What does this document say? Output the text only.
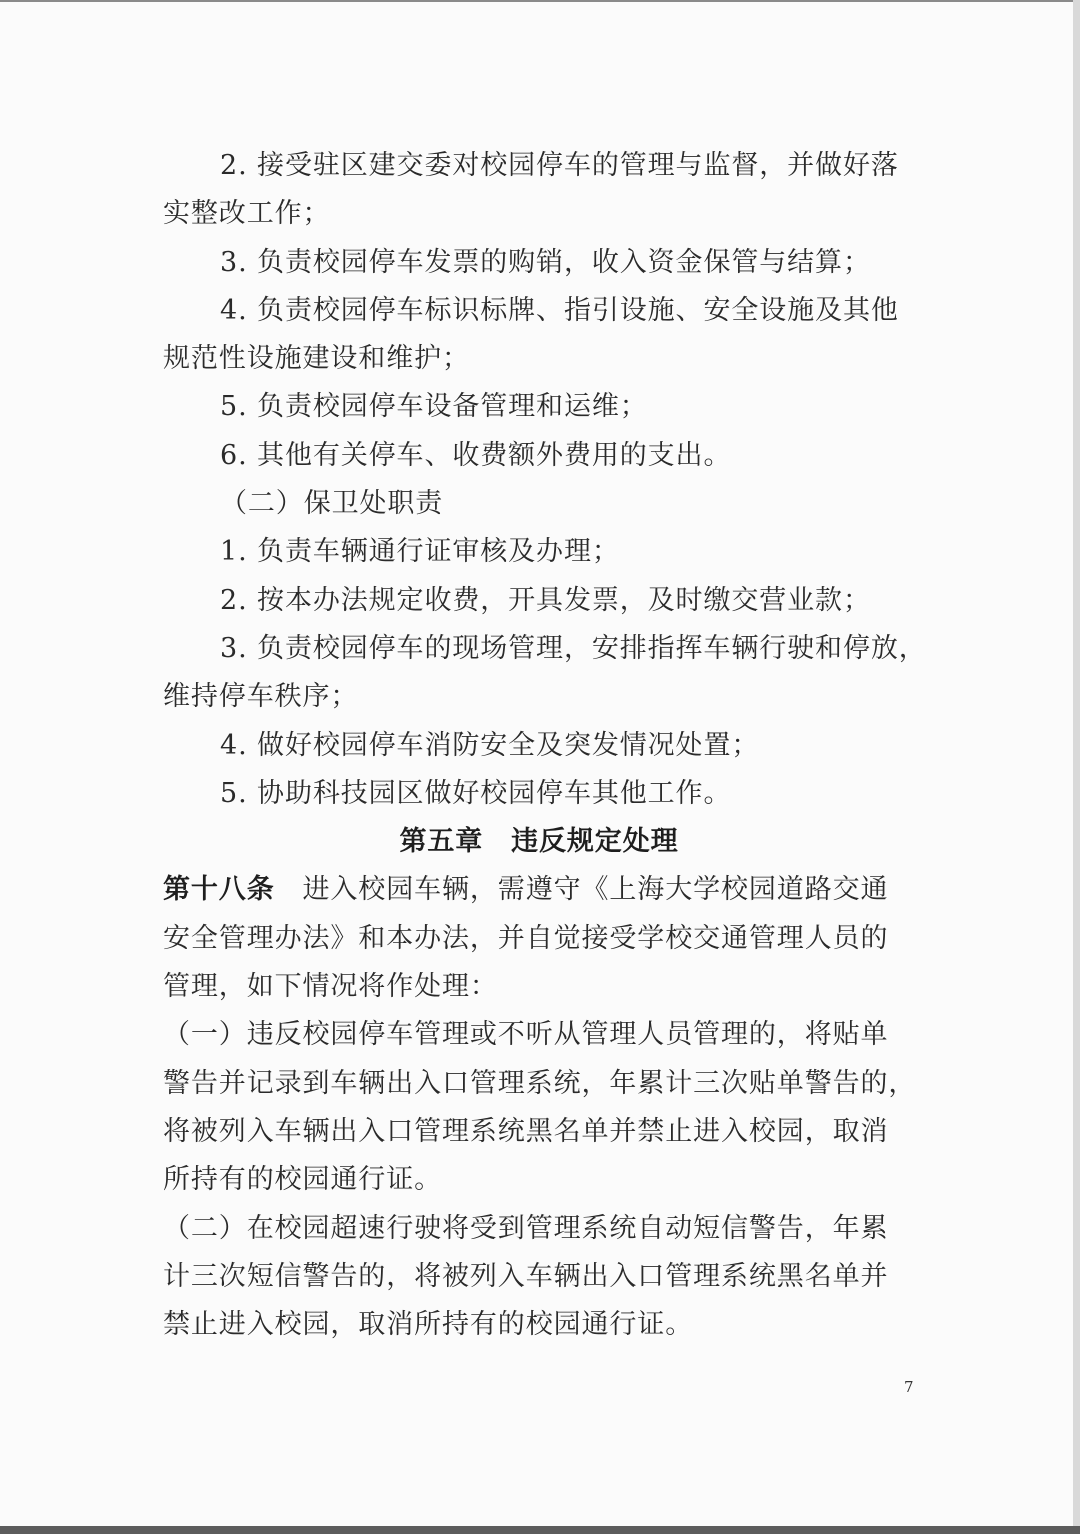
2. 接受驻区建交委对校园停车的管理与监督，并做好落
实整改工作；
3. 负责校园停车发票的购销，收入资金保管与结算；
4. 负责校园停车标识标牌、指引设施、安全设施及其他
规范性设施建设和维护；
5. 负责校园停车设备管理和运维；
6. 其他有关停车、收费额外费用的支出。
（二）保卫处职责
1. 负责车辆通行证审核及办理；
2. 按本办法规定收费，开具发票，及时缴交营业款；
3. 负责校园停车的现场管理，安排指挥车辆行驶和停放，
维持停车秩序；
4. 做好校园停车消防安全及突发情况处置；
5. 协助科技园区做好校园停车其他工作。
第五章　违反规定处理
第十八条　进入校园车辆，需遵守《上海大学校园道路交通
安全管理办法》和本办法，并自觉接受学校交通管理人员的
管理，如下情况将作处理：
（一）违反校园停车管理或不听从管理人员管理的，将贴单
警告并记录到车辆出入口管理系统，年累计三次贴单警告的，
将被列入车辆出入口管理系统黑名单并禁止进入校园，取消
所持有的校园通行证。
（二）在校园超速行驶将受到管理系统自动短信警告，年累
计三次短信警告的，将被列入车辆出入口管理系统黑名单并
禁止进入校园，取消所持有的校园通行证。
7
